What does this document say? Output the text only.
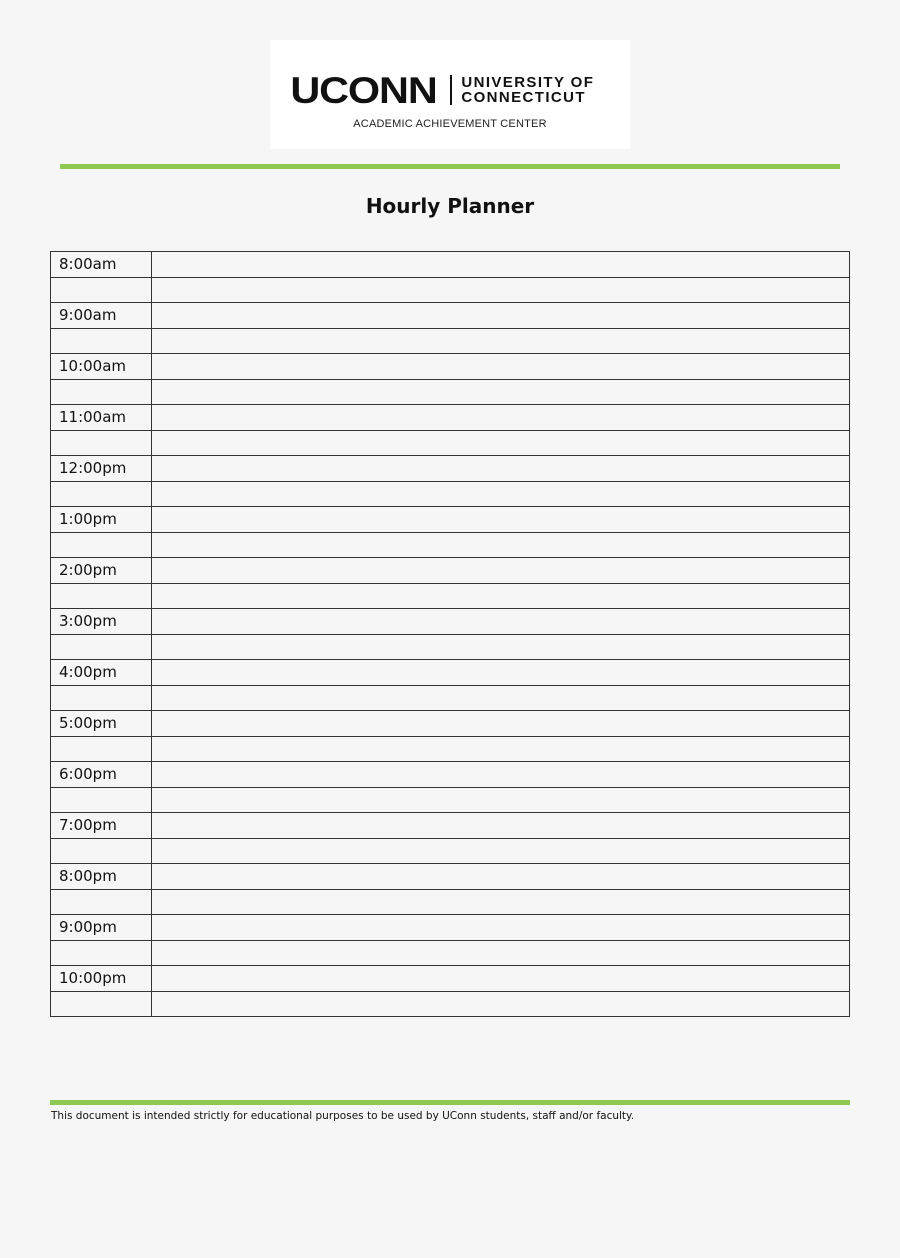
UCONN UNIVERSITY OF
CONNECTICUT
ACADEMIC ACHIEVEMENT CENTER
Hourly Planner
8:00am	

9:00am	

10:00am	

11:00am	

12:00pm	

1:00pm	

2:00pm	

3:00pm	

4:00pm	

5:00pm	

6:00pm	

7:00pm	

8:00pm	

9:00pm	

10:00pm	

This document is intended strictly for educational purposes to be used by UConn students, staff and/or faculty.
